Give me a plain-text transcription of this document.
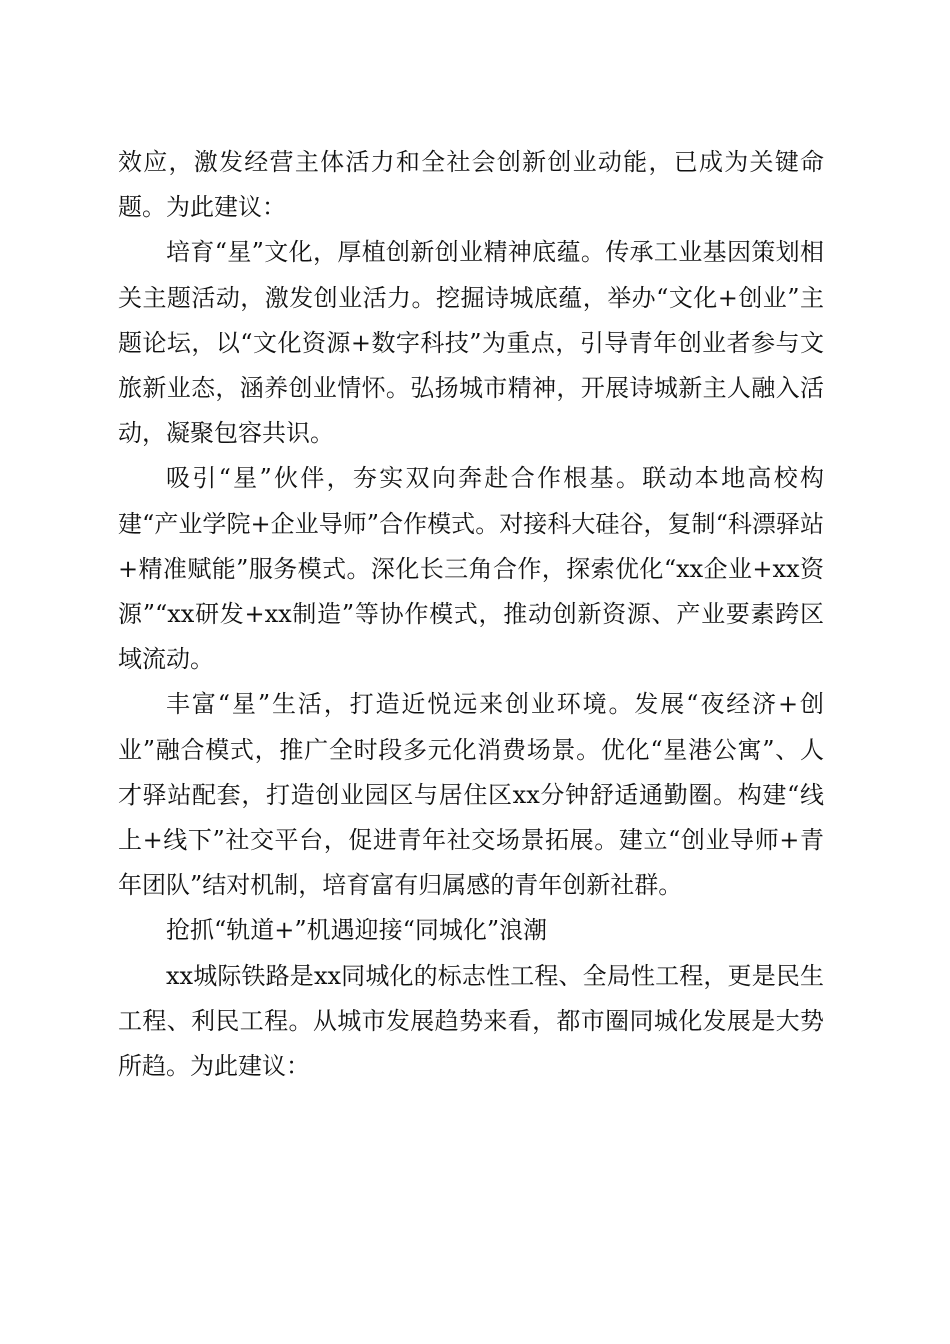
效应，激发经营主体活力和全社会创新创业动能，已成为关键命题。为此建议：

培育“星”文化，厚植创新创业精神底蕴。传承工业基因策划相关主题活动，激发创业活力。挖掘诗城底蕴，举办“文化+创业”主题论坛，以“文化资源+数字科技”为重点，引导青年创业者参与文旅新业态，涵养创业情怀。弘扬城市精神，开展诗城新主人融入活动，凝聚包容共识。

吸引“星”伙伴，夯实双向奔赴合作根基。联动本地高校构建“产业学院+企业导师”合作模式。对接科大硅谷，复制“科漂驿站+精准赋能”服务模式。深化长三角合作，探索优化“xx企业+xx资源”“xx研发+xx制造”等协作模式，推动创新资源、产业要素跨区域流动。

丰富“星”生活，打造近悦远来创业环境。发展“夜经济+创业”融合模式，推广全时段多元化消费场景。优化“星港公寓”、人才驿站配套，打造创业园区与居住区xx分钟舒适通勤圈。构建“线上+线下”社交平台，促进青年社交场景拓展。建立“创业导师+青年团队”结对机制，培育富有归属感的青年创新社群。

抢抓“轨道+”机遇迎接“同城化”浪潮

xx城际铁路是xx同城化的标志性工程、全局性工程，更是民生工程、利民工程。从城市发展趋势来看，都市圈同城化发展是大势所趋。为此建议：
